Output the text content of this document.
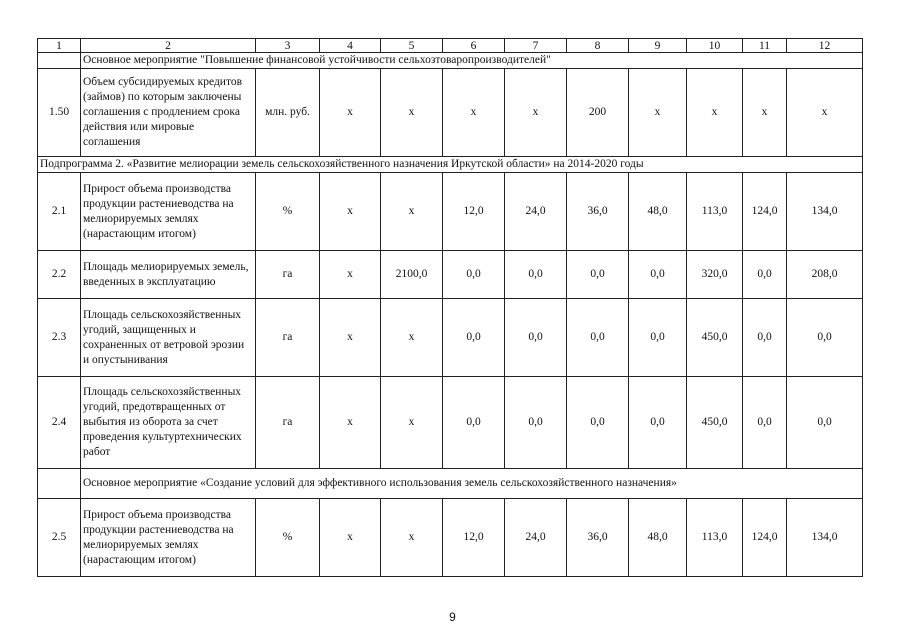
1	2	3	4	5	6	7	8	9	10	11	12
	Основное мероприятие "Повышение финансовой устойчивости сельхозтоваропроизводителей"										
1.50	Объем субсидируемых кредитов (займов) по которым заключены соглашения с продлением срока действия или мировые соглашения	млн. руб.	х	х	х	х	200	х	х	х	х
Подпрограмма 2. «Развитие мелиорации земель сельскохозяйственного назначения Иркутской области» на 2014-2020 годы											
2.1	Прирост объема производства продукции растениеводства на мелиорируемых землях (нарастающим итогом)	%	х	х	12,0	24,0	36,0	48,0	113,0	124,0	134,0
2.2	Площадь мелиорируемых земель, введенных в эксплуатацию	га	х	2100,0	0,0	0,0	0,0	0,0	320,0	0,0	208,0
2.3	Площадь сельскохозяйственных угодий, защищенных и сохраненных от ветровой эрозии и опустынивания	га	х	х	0,0	0,0	0,0	0,0	450,0	0,0	0,0
2.4	Площадь сельскохозяйственных угодий, предотвращенных от выбытия из оборота за счет проведения культуртехнических работ	га	х	х	0,0	0,0	0,0	0,0	450,0	0,0	0,0
	Основное мероприятие «Создание условий для эффективного использования земель сельскохозяйственного назначения»										
2.5	Прирост объема производства продукции растениеводства на мелиорируемых землях (нарастающим итогом)	%	х	х	12,0	24,0	36,0	48,0	113,0	124,0	134,0
9
